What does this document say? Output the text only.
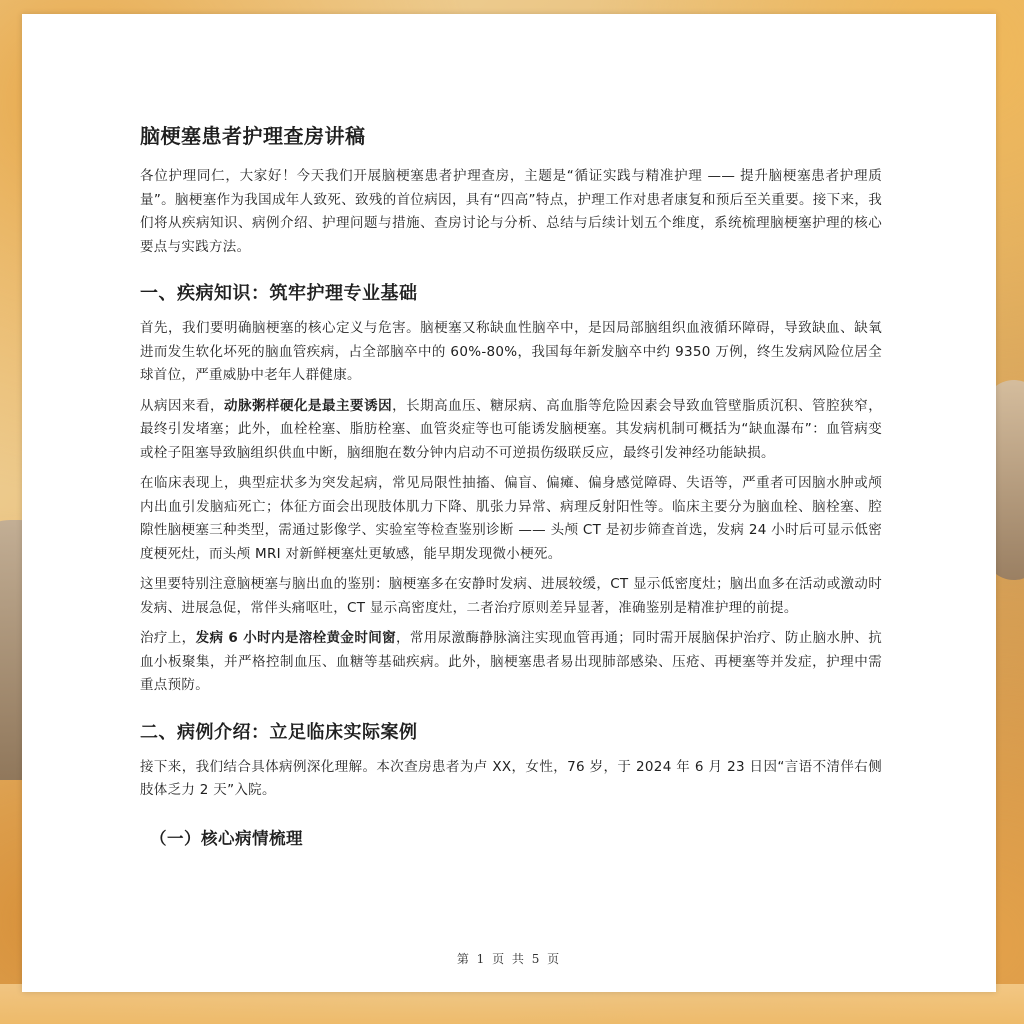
脑梗塞患者护理查房讲稿

各位护理同仁，大家好！今天我们开展脑梗塞患者护理查房，主题是“循证实践与精准护理 —— 提升脑梗塞患者护理质量”。脑梗塞作为我国成年人致死、致残的首位病因，具有“四高”特点，护理工作对患者康复和预后至关重要。接下来，我们将从疾病知识、病例介绍、护理问题与措施、查房讨论与分析、总结与后续计划五个维度，系统梳理脑梗塞护理的核心要点与实践方法。

一、疾病知识：筑牢护理专业基础

首先，我们要明确脑梗塞的核心定义与危害。脑梗塞又称缺血性脑卒中，是因局部脑组织血液循环障碍，导致缺血、缺氧进而发生软化坏死的脑血管疾病，占全部脑卒中的 60%-80%，我国每年新发脑卒中约 9350 万例，终生发病风险位居全球首位，严重威胁中老年人群健康。

从病因来看，动脉粥样硬化是最主要诱因，长期高血压、糖尿病、高血脂等危险因素会导致血管壁脂质沉积、管腔狭窄，最终引发堵塞；此外，血栓栓塞、脂肪栓塞、血管炎症等也可能诱发脑梗塞。其发病机制可概括为“缺血瀑布”：血管病变或栓子阻塞导致脑组织供血中断，脑细胞在数分钟内启动不可逆损伤级联反应，最终引发神经功能缺损。

在临床表现上，典型症状多为突发起病，常见局限性抽搐、偏盲、偏瘫、偏身感觉障碍、失语等，严重者可因脑水肿或颅内出血引发脑疝死亡；体征方面会出现肢体肌力下降、肌张力异常、病理反射阳性等。临床主要分为脑血栓、脑栓塞、腔隙性脑梗塞三种类型，需通过影像学、实验室等检查鉴别诊断 —— 头颅 CT 是初步筛查首选，发病 24 小时后可显示低密度梗死灶，而头颅 MRI 对新鲜梗塞灶更敏感，能早期发现微小梗死。

这里要特别注意脑梗塞与脑出血的鉴别：脑梗塞多在安静时发病、进展较缓，CT 显示低密度灶；脑出血多在活动或激动时发病、进展急促，常伴头痛呕吐，CT 显示高密度灶，二者治疗原则差异显著，准确鉴别是精准护理的前提。

治疗上，发病 6 小时内是溶栓黄金时间窗，常用尿激酶静脉滴注实现血管再通；同时需开展脑保护治疗、防止脑水肿、抗血小板聚集，并严格控制血压、血糖等基础疾病。此外，脑梗塞患者易出现肺部感染、压疮、再梗塞等并发症，护理中需重点预防。

二、病例介绍：立足临床实际案例

接下来，我们结合具体病例深化理解。本次查房患者为卢 XX，女性，76 岁，于 2024 年 6 月 23 日因“言语不清伴右侧肢体乏力 2 天”入院。

（一）核心病情梳理
第 1 页 共 5 页
